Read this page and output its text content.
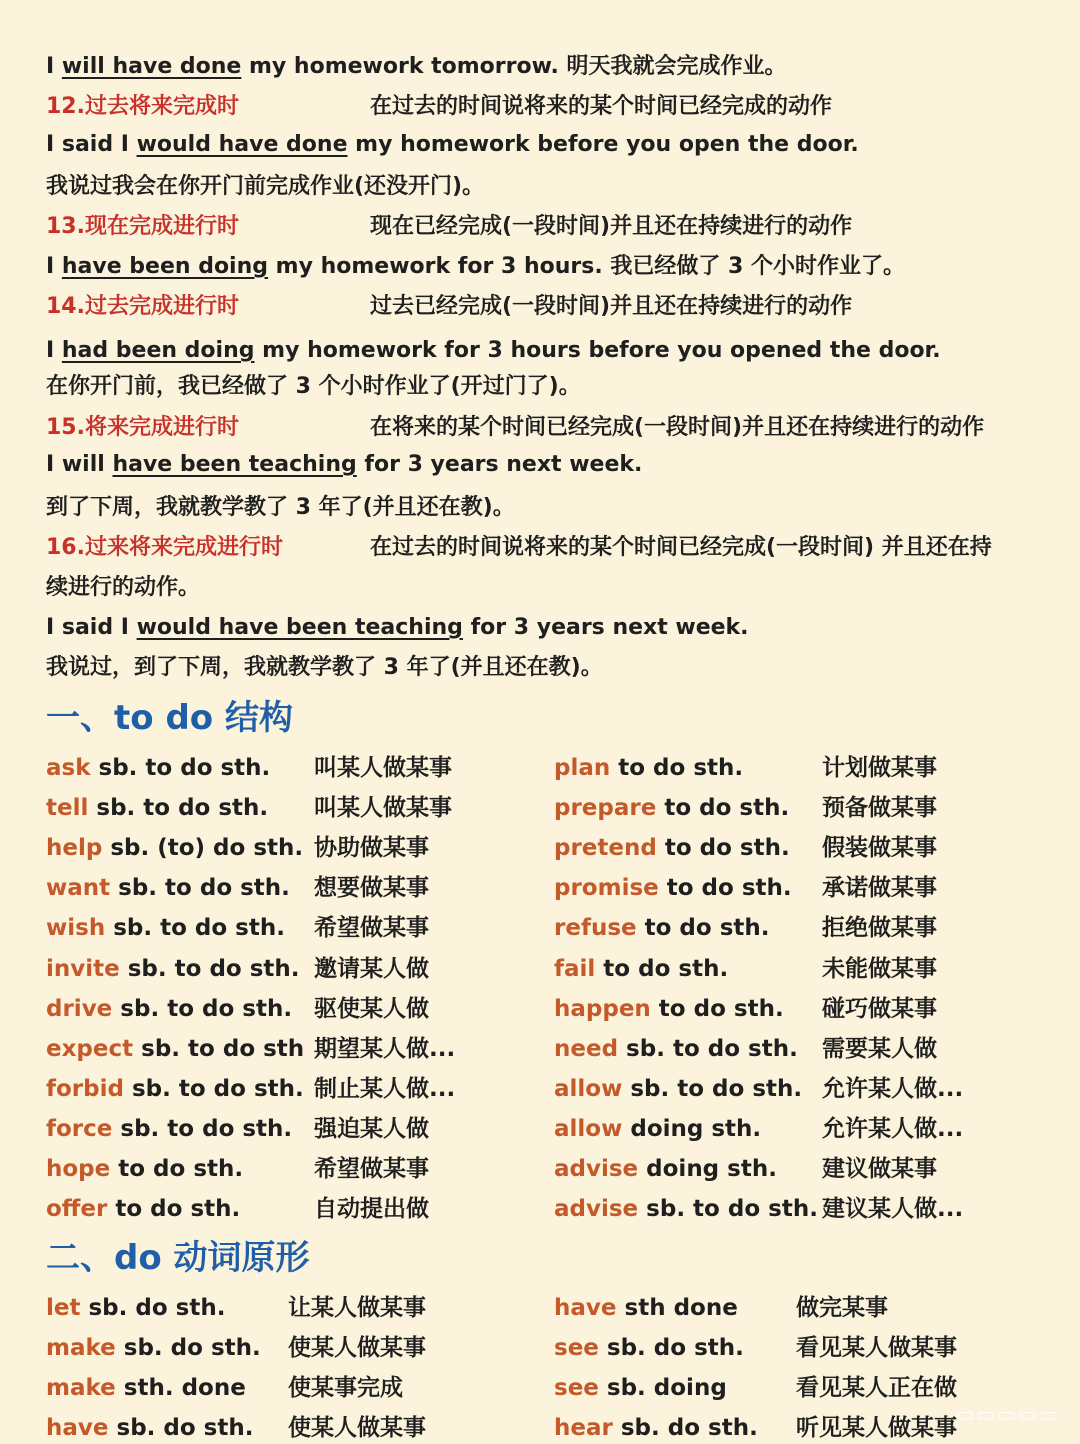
I will have done my homework tomorrow. 明天我就会完成作业。
12.过去将来完成时	在过去的时间说将来的某个时间已经完成的动作
I said I would have done my homework before you open the door.
我说过我会在你开门前完成作业(还没开门)。
13.现在完成进行时	现在已经完成(一段时间)并且还在持续进行的动作
I have been doing my homework for 3 hours. 我已经做了 3 个小时作业了。
14.过去完成进行时	过去已经完成(一段时间)并且还在持续进行的动作
I had been doing my homework for 3 hours before you opened the door.
在你开门前，我已经做了 3 个小时作业了(开过门了)。
15.将来完成进行时	在将来的某个时间已经完成(一段时间)并且还在持续进行的动作
I will have been teaching for 3 years next week.
到了下周，我就教学教了 3 年了(并且还在教)。
16.过来将来完成进行时	在过去的时间说将来的某个时间已经完成(一段时间) 并且还在持
续进行的动作。
I said I would have been teaching for 3 years next week.
我说过，到了下周，我就教学教了 3 年了(并且还在教)。
一、to do 结构
ask sb. to do sth. 叫某人做某事	plan to do sth.	计划做某事
tell sb. to do sth. 叫某人做某事	prepare to do sth. 预备做某事
help sb. (to) do sth. 协助做某事	pretend to do sth. 假装做某事
want sb. to do sth. 想要做某事	promise to do sth. 承诺做某事
wish sb. to do sth. 希望做某事	refuse to do sth. 拒绝做某事
invite sb. to do sth. 邀请某人做	fail to do sth.	未能做某事
drive sb. to do sth. 驱使某人做	happen to do sth. 碰巧做某事
expect sb. to do sth 期望某人做...	need sb. to do sth. 需要某人做
forbid sb. to do sth. 制止某人做...	allow sb. to do sth. 允许某人做...
force sb. to do sth. 强迫某人做	allow doing sth.	允许某人做...
hope to do sth.	希望做某事	advise doing sth. 建议做某事
offer to do sth.	自动提出做	advise sb. to do sth. 建议某人做...
二、do 动词原形
let sb. do sth.	让某人做某事	have sth done	做完某事
make sb. do sth. 使某人做某事	see sb. do sth. 看见某人做某事
make sth. done 使某事完成	see sb. doing	看见某人正在做
have sb. do sth. 使某人做某事	hear sb. do sth. 听见某人做某事
▭▭▭▭▭
